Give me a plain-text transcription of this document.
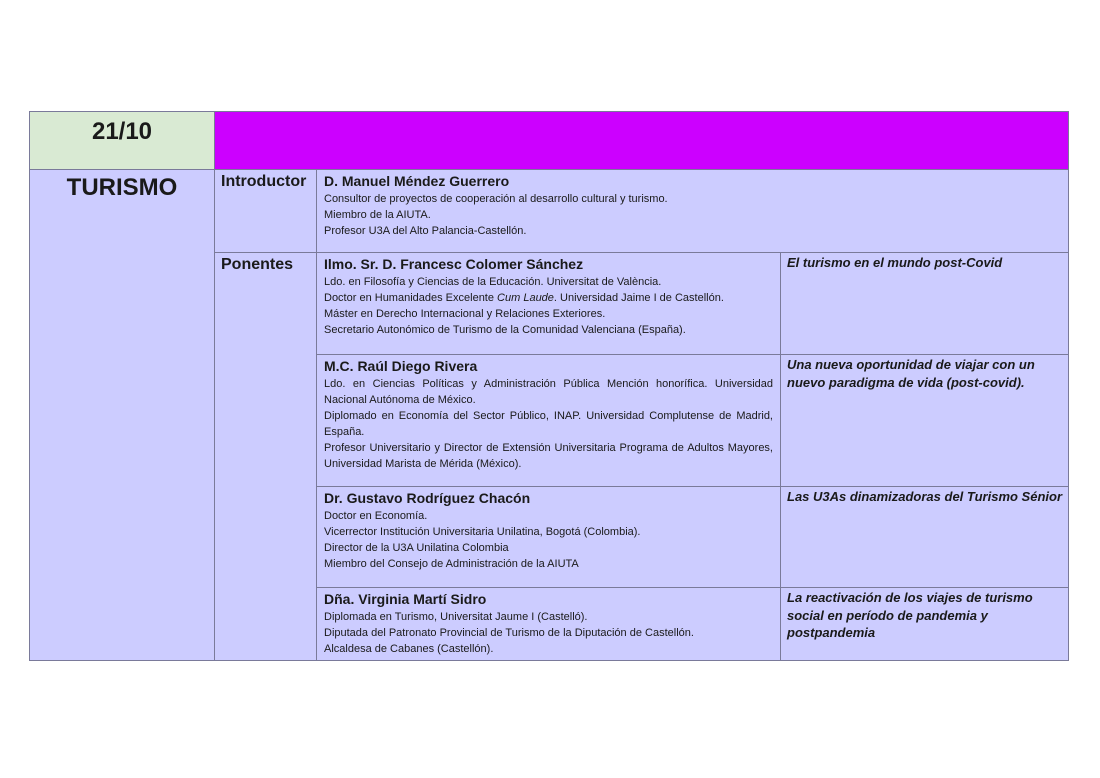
21/10			

TURISMO	Introductor	D. Manuel Méndez Guerrero
Consultor de proyectos de cooperación al desarrollo cultural y turismo.
Miembro de la AIUTA.
Profesor U3A del Alto Palancia-Castellón.	

	Ponentes	Ilmo. Sr. D. Francesc Colomer Sánchez
Ldo. en Filosofía y Ciencias de la Educación. Universitat de València.
Doctor en Humanidades Excelente Cum Laude. Universidad Jaime I de Castellón.
Máster en Derecho Internacional y Relaciones Exteriores.
Secretario Autonómico de Turismo de la Comunidad Valenciana (España).	El turismo en el mundo post-Covid

		M.C. Raúl Diego Rivera
Ldo. en Ciencias Políticas y Administración Pública Mención honorífica. Universidad Nacional Autónoma de México.
Diplomado en Economía del Sector Público, INAP. Universidad Complutense de Madrid, España.
Profesor Universitario y Director de Extensión Universitaria Programa de Adultos Mayores, Universidad Marista de Mérida (México).	Una nueva oportunidad de viajar con un nuevo paradigma de vida (post-covid).

		Dr. Gustavo Rodríguez Chacón
Doctor en Economía.
Vicerrector Institución Universitaria Unilatina, Bogotá (Colombia).
Director de la U3A Unilatina Colombia
Miembro del Consejo de Administración de la AIUTA	Las U3As dinamizadoras del Turismo Sénior

		Dña. Virginia Martí Sidro
Diplomada en Turismo, Universitat Jaume I (Castelló).
Diputada del Patronato Provincial de Turismo de la Diputación de Castellón.
Alcaldesa de Cabanes (Castellón).	La reactivación de los viajes de turismo social en período de pandemia y postpandemia
